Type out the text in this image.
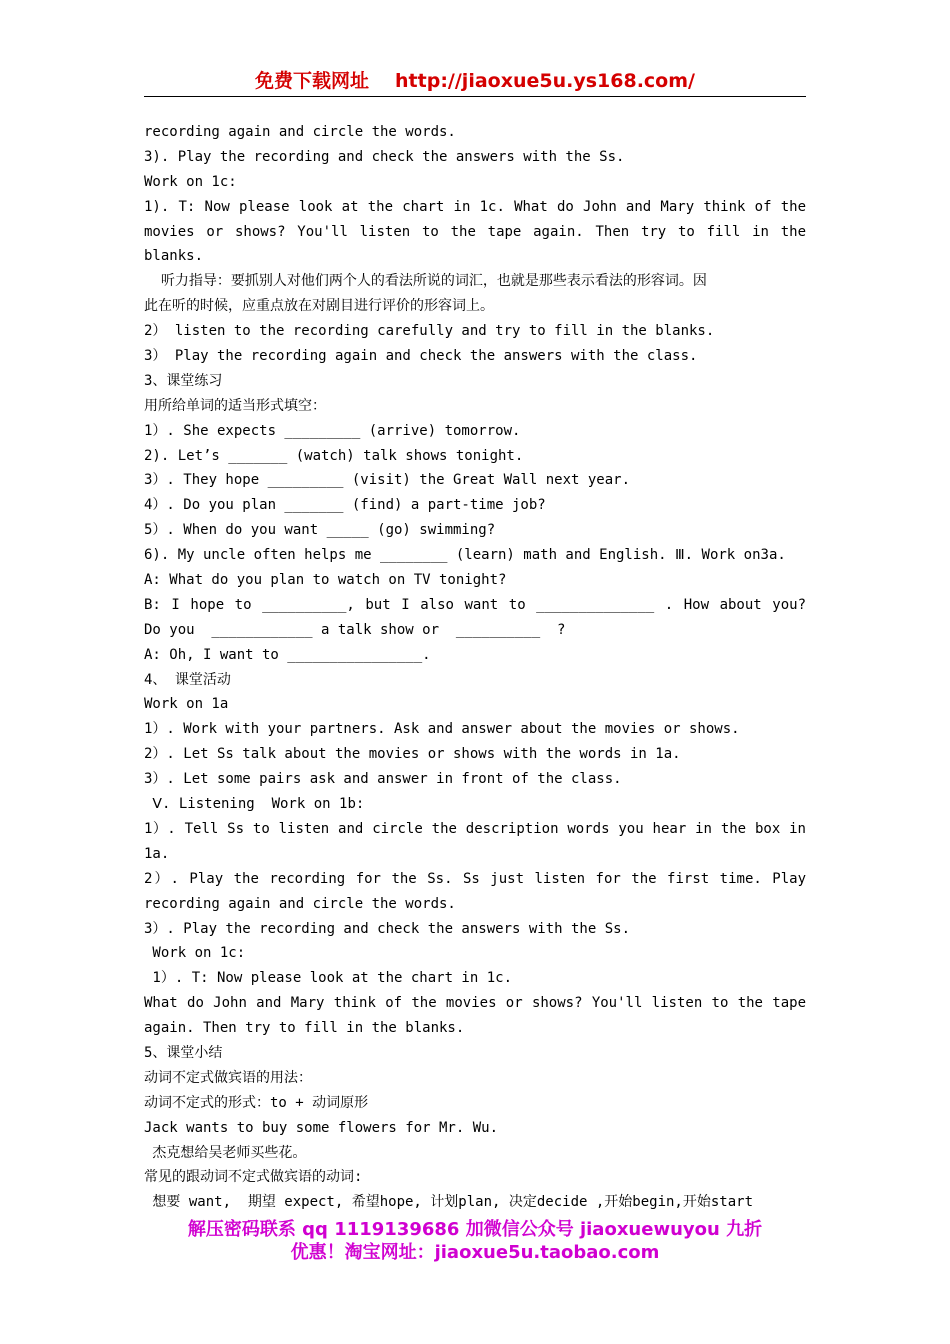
免费下载网址 http://jiaoxue5u.ys168.com/
recording again and circle the words.
3). Play the recording and check the answers with the Ss.
Work on 1c:
1). T: Now please look at the chart in 1c. What do John and Mary think of the
movies or shows? You'll listen to the tape again. Then try to fill in the
blanks.
听力指导：要抓别人对他们两个人的看法所说的词汇，也就是那些表示看法的形容词。因
此在听的时候，应重点放在对剧目进行评价的形容词上。
2） listen to the recording carefully and try to fill in the blanks.
3） Play the recording again and check the answers with the class.
3、课堂练习
用所给单词的适当形式填空：
1）. She expects _________ (arrive) tomorrow.
2). Let’s _______ (watch) talk shows tonight.
3）. They hope _________ (visit) the Great Wall next year.
4）. Do you plan _______ (find) a part-time job?
5）. When do you want _____ (go) swimming?
6). My uncle often helps me ________ (learn) math and English. Ⅲ. Work on3a.
A: What do you plan to watch on TV tonight?
B: I hope to __________, but I also want to ______________ . How about you?
Do you  ____________ a talk show or  __________  ?
A: Oh, I want to ________________.
4、 课堂活动
Work on 1a
1）. Work with your partners. Ask and answer about the movies or shows.
2）. Let Ss talk about the movies or shows with the words in 1a.
3）. Let some pairs ask and answer in front of the class.
Ⅴ. Listening  Work on 1b:
1）. Tell Ss to listen and circle the description words you hear in the box in
1a.
2）. Play the recording for the Ss. Ss just listen for the first time. Play
recording again and circle the words.
3）. Play the recording and check the answers with the Ss.
Work on 1c:
1）. T: Now please look at the chart in 1c.
What do John and Mary think of the movies or shows? You'll listen to the tape
again. Then try to fill in the blanks.
5、课堂小结
动词不定式做宾语的用法：
动词不定式的形式：to + 动词原形
Jack wants to buy some flowers for Mr. Wu.
杰克想给吴老师买些花。
常见的跟动词不定式做宾语的动词:
想要 want,  期望 expect, 希望hope, 计划plan, 决定decide ,开始begin,开始start
解压密码联系 qq 1119139686 加微信公众号 jiaoxuewuyou 九折
优惠！淘宝网址：jiaoxue5u.taobao.com
